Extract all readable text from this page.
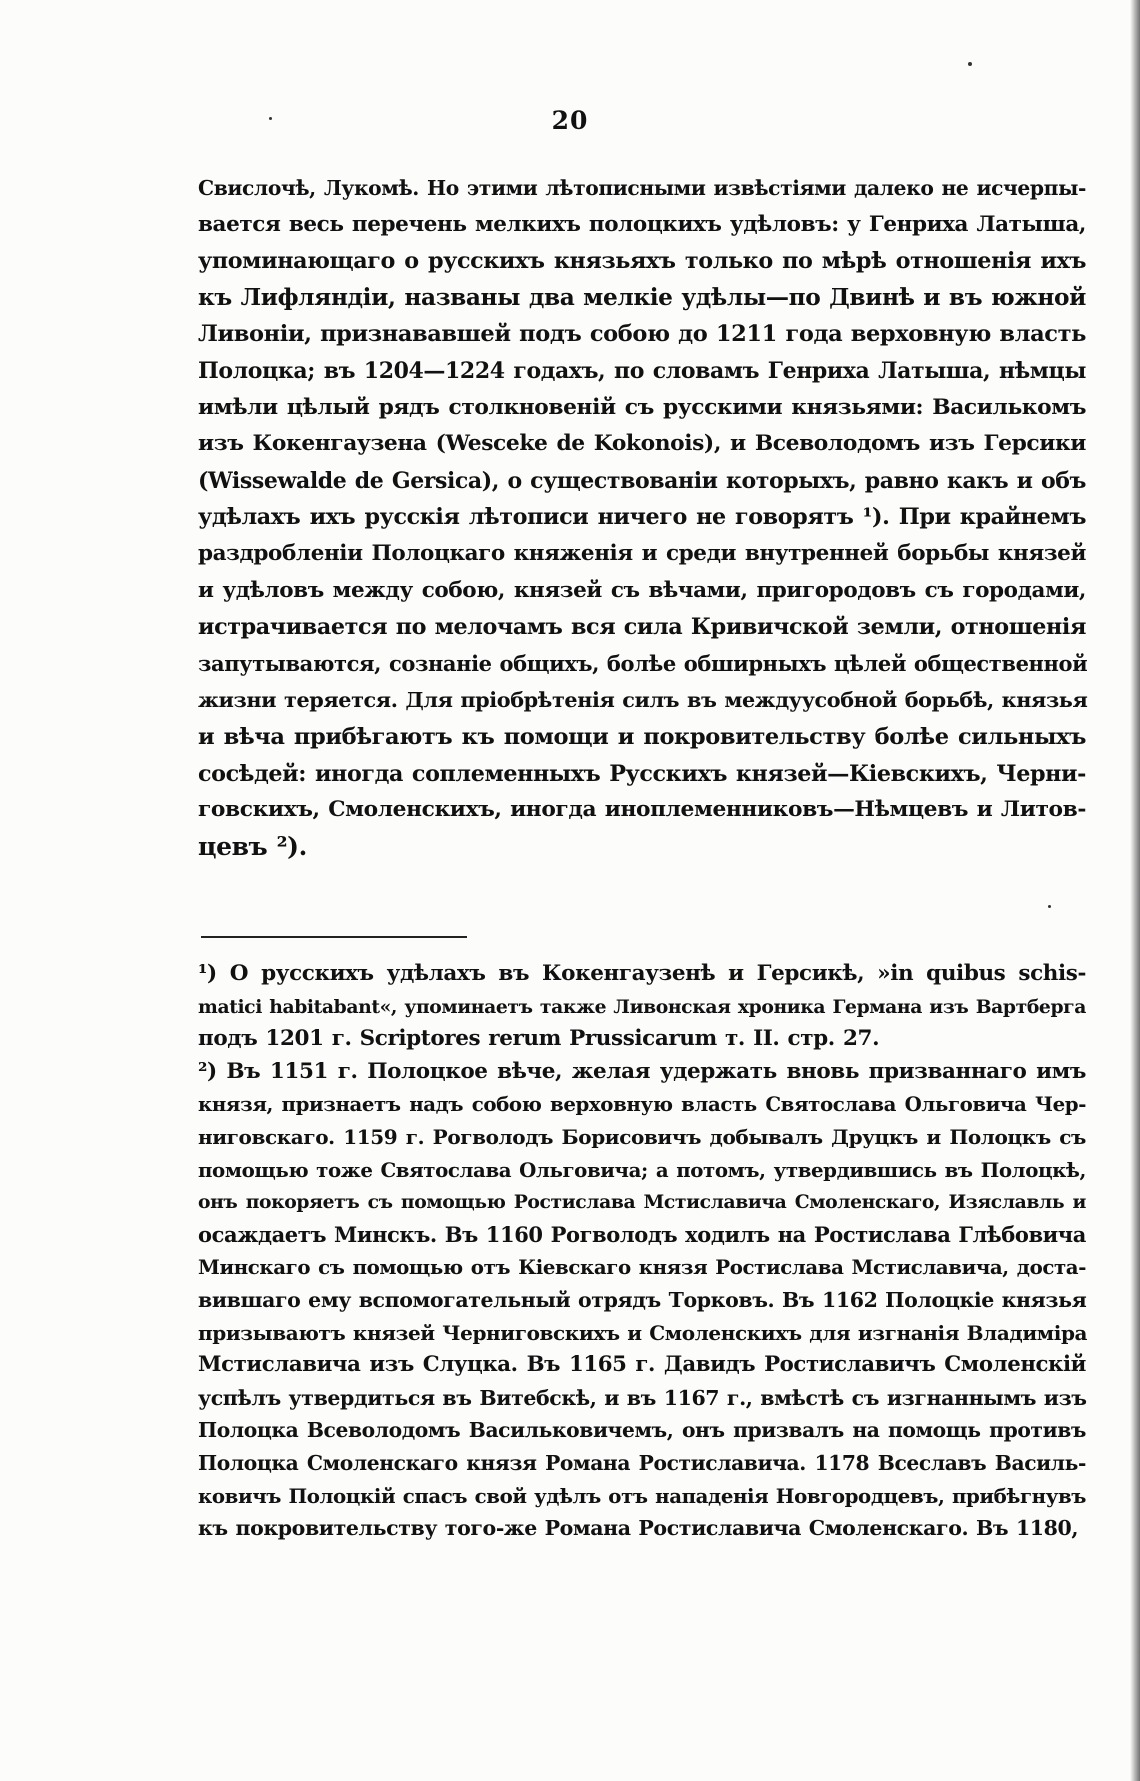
20
Свислочѣ, Лукомѣ. Но этими лѣтописными извѣстіями далеко не исчерпы-
вается весь перечень мелкихъ полоцкихъ удѣловъ: у Генриха Латыша,
упоминающаго о русскихъ князьяхъ только по мѣрѣ отношенія ихъ
къ Лифляндіи, названы два мелкіе удѣлы—по Двинѣ и въ южной
Ливоніи, признававшей подъ собою до 1211 года верховную власть
Полоцка; въ 1204—1224 годахъ, по словамъ Генриха Латыша, нѣмцы
имѣли цѣлый рядъ столкновеній съ русскими князьями: Василькомъ
изъ Кокенгаузена (Wesceke de Kokonois), и Всеволодомъ изъ Герсики
(Wissewalde de Gersica), о существованіи которыхъ, равно какъ и объ
удѣлахъ ихъ русскія лѣтописи ничего не говорятъ ¹). При крайнемъ
раздробленіи Полоцкаго княженія и среди внутренней борьбы князей
и удѣловъ между собою, князей съ вѣчами, пригородовъ съ городами,
истрачивается по мелочамъ вся сила Кривичской земли, отношенія
запутываются, сознаніе общихъ, болѣе обширныхъ цѣлей общественной
жизни теряется. Для пріобрѣтенія силъ въ междуусобной борьбѣ, князья
и вѣча прибѣгаютъ къ помощи и покровительству болѣе сильныхъ
сосѣдей: иногда соплеменныхъ Русскихъ князей—Кіевскихъ, Черни-
говскихъ, Смоленскихъ, иногда иноплеменниковъ—Нѣмцевъ и Литов-
цевъ ²).
¹) О русскихъ удѣлахъ въ Кокенгаузенѣ и Герсикѣ, »in quibus schis-
matici habitabant«, упоминаетъ также Ливонская хроника Германа изъ Вартберга
подъ 1201 г. Scriptores rerum Prussicarum т. II. стр. 27.
²) Въ 1151 г. Полоцкое вѣче, желая удержать вновь призваннаго имъ
князя, признаетъ надъ собою верховную власть Святослава Ольговича Чер-
ниговскаго. 1159 г. Рогволодъ Борисовичъ добывалъ Друцкъ и Полоцкъ съ
помощью тоже Святослава Ольговича; а потомъ, утвердившись въ Полоцкѣ,
онъ покоряетъ съ помощью Ростислава Мстиславича Смоленскаго, Изяславль и
осаждаетъ Минскъ. Въ 1160 Рогволодъ ходилъ на Ростислава Глѣбовича
Минскаго съ помощью отъ Кіевскаго князя Ростислава Мстиславича, доста-
вившаго ему вспомогательный отрядъ Торковъ. Въ 1162 Полоцкіе князья
призываютъ князей Черниговскихъ и Смоленскихъ для изгнанія Владиміра
Мстиславича изъ Слуцка. Въ 1165 г. Давидъ Ростиславичъ Смоленскій
успѣлъ утвердиться въ Витебскѣ, и въ 1167 г., вмѣстѣ съ изгнаннымъ изъ
Полоцка Всеволодомъ Васильковичемъ, онъ призвалъ на помощь противъ
Полоцка Смоленскаго князя Романа Ростиславича. 1178 Всеславъ Василь-
ковичъ Полоцкій спасъ свой удѣлъ отъ нападенія Новгородцевъ, прибѣгнувъ
къ покровительству того-же Романа Ростиславича Смоленскаго. Въ 1180,
